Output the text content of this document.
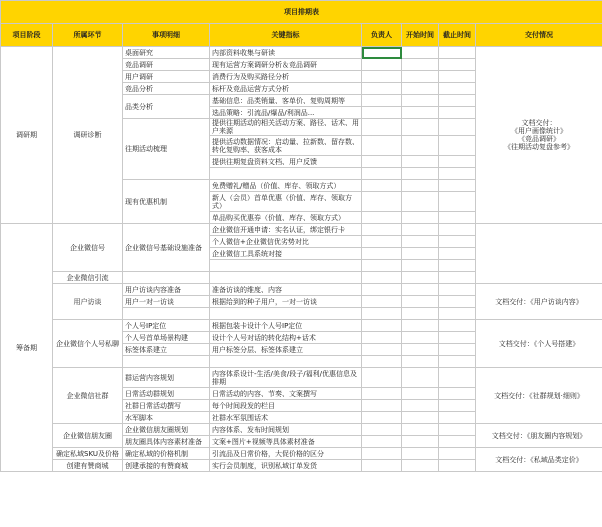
项目排期表							
项目阶段	所属环节	事项明细	关键指标	负责人	开始时间	截止时间	交付情况
调研期	调研诊断	桌面研究	内部资料收集与研读				文档交付：
《用户画像统计》
《竞品调研》
《往期活动复盘参考》
		竞品调研	现有运营方案调研分析＆竞品调研				
		用户调研	消费行为及购买路径分析				
		竞品分析	标杆及竞品运营方式分析				
		品类分析	基础信息：品类销量、客单价、复购周期等				
			选品策略：引流品/爆品/利润品...				
		往期活动梳理	提供往期活动的相关活动方案、路径、话术、用户来源				
			提供活动数据情况：启动量、拉新数、留存数、转化复购率、获客成本				
			提供往期复盘资料文档、用户反馈				

		现有优惠机制	免费赠礼/赠品（价值、库存、领取方式）				
			新人（会员）首单优惠（价值、库存、领取方式）				
			单品购买优惠券（价值、库存、领取方式）				
筹备期	企业微信号	企业微信号基础设施准备	企业微信开通申请：实名认证，绑定银行卡				
			个人微信+企业微信优劣势对比				
			企业微信工具系统对接				

	企业微信引流						
	用户访谈	用户访谈内容准备	准备访谈的维度、内容				文档交付：《用户访谈内容》
		用户一对一访谈	根据给到的种子用户，一对一访谈				

	企业微信个人号私聊	个人号IP定位	根据包装卡设计个人号IP定位				文档交付：《个人号搭建》
		个人号首单场景构建	设计个人号对话的转化结构+话术				
		标签体系建立	用户标签分层、标签体系建立				

	企业微信社群	群运营内容规划	内容体系设计-生活/美食/段子/福利/优惠信息及排期				文档交付：《社群规划·细则》
		日常活动群规划	日常活动的内容、节奏、文案撰写				
		社群日常活动撰写	每个时间段发的栏目				
		水军脚本	社群水军氛围话术				
	企业微信朋友圈	企业微信朋友圈规划	内容体系、发布时间规划				文档交付：《朋友圈内容规划》
		朋友圈具体内容素材准备	文案+图片+视频等具体素材准备				
	确定私域SKU及价格	确定私域的价格机制	引流品及日常价格，大促价格的区分				文档交付：《私域品类定价》
	创建有赞商城	创建承接的有赞商城	实行会员制度，识别私域订单发货				
